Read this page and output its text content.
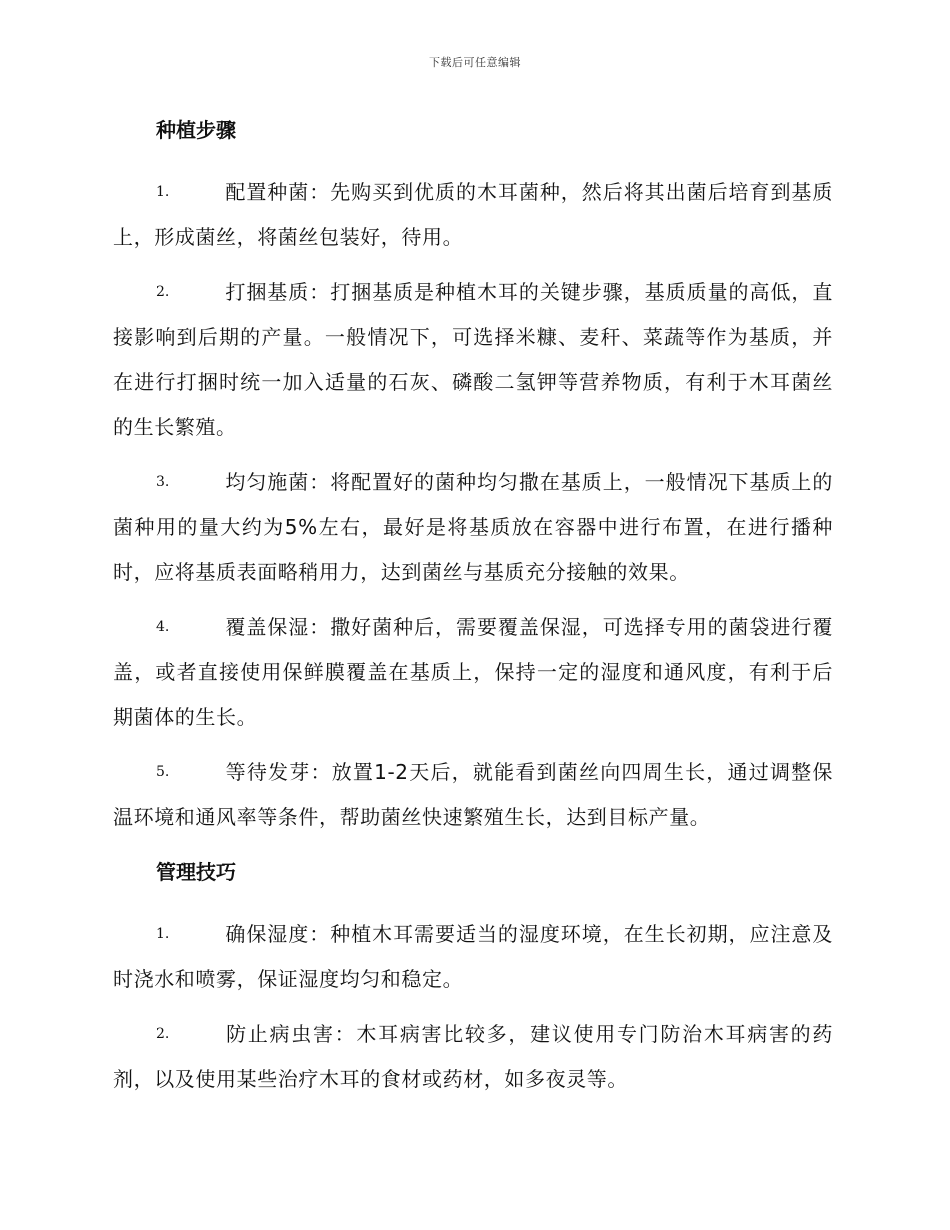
下载后可任意编辑
种植步骤

1.	配置种菌：先购买到优质的木耳菌种，然后将其出菌后培育到基质上，形成菌丝，将菌丝包装好，待用。

2.	打捆基质：打捆基质是种植木耳的关键步骤，基质质量的高低，直接影响到后期的产量。一般情况下，可选择米糠、麦秆、菜蔬等作为基质，并在进行打捆时统一加入适量的石灰、磷酸二氢钾等营养物质，有利于木耳菌丝的生长繁殖。

3.	均匀施菌：将配置好的菌种均匀撒在基质上，一般情况下基质上的菌种用的量大约为5%左右，最好是将基质放在容器中进行布置，在进行播种时，应将基质表面略稍用力，达到菌丝与基质充分接触的效果。

4.	覆盖保湿：撒好菌种后，需要覆盖保湿，可选择专用的菌袋进行覆盖，或者直接使用保鲜膜覆盖在基质上，保持一定的湿度和通风度，有利于后期菌体的生长。

5.	等待发芽：放置1-2天后，就能看到菌丝向四周生长，通过调整保温环境和通风率等条件，帮助菌丝快速繁殖生长，达到目标产量。

管理技巧

1.	确保湿度：种植木耳需要适当的湿度环境，在生长初期，应注意及时浇水和喷雾，保证湿度均匀和稳定。

2.	防止病虫害：木耳病害比较多，建议使用专门防治木耳病害的药剂，以及使用某些治疗木耳的食材或药材，如多夜灵等。
